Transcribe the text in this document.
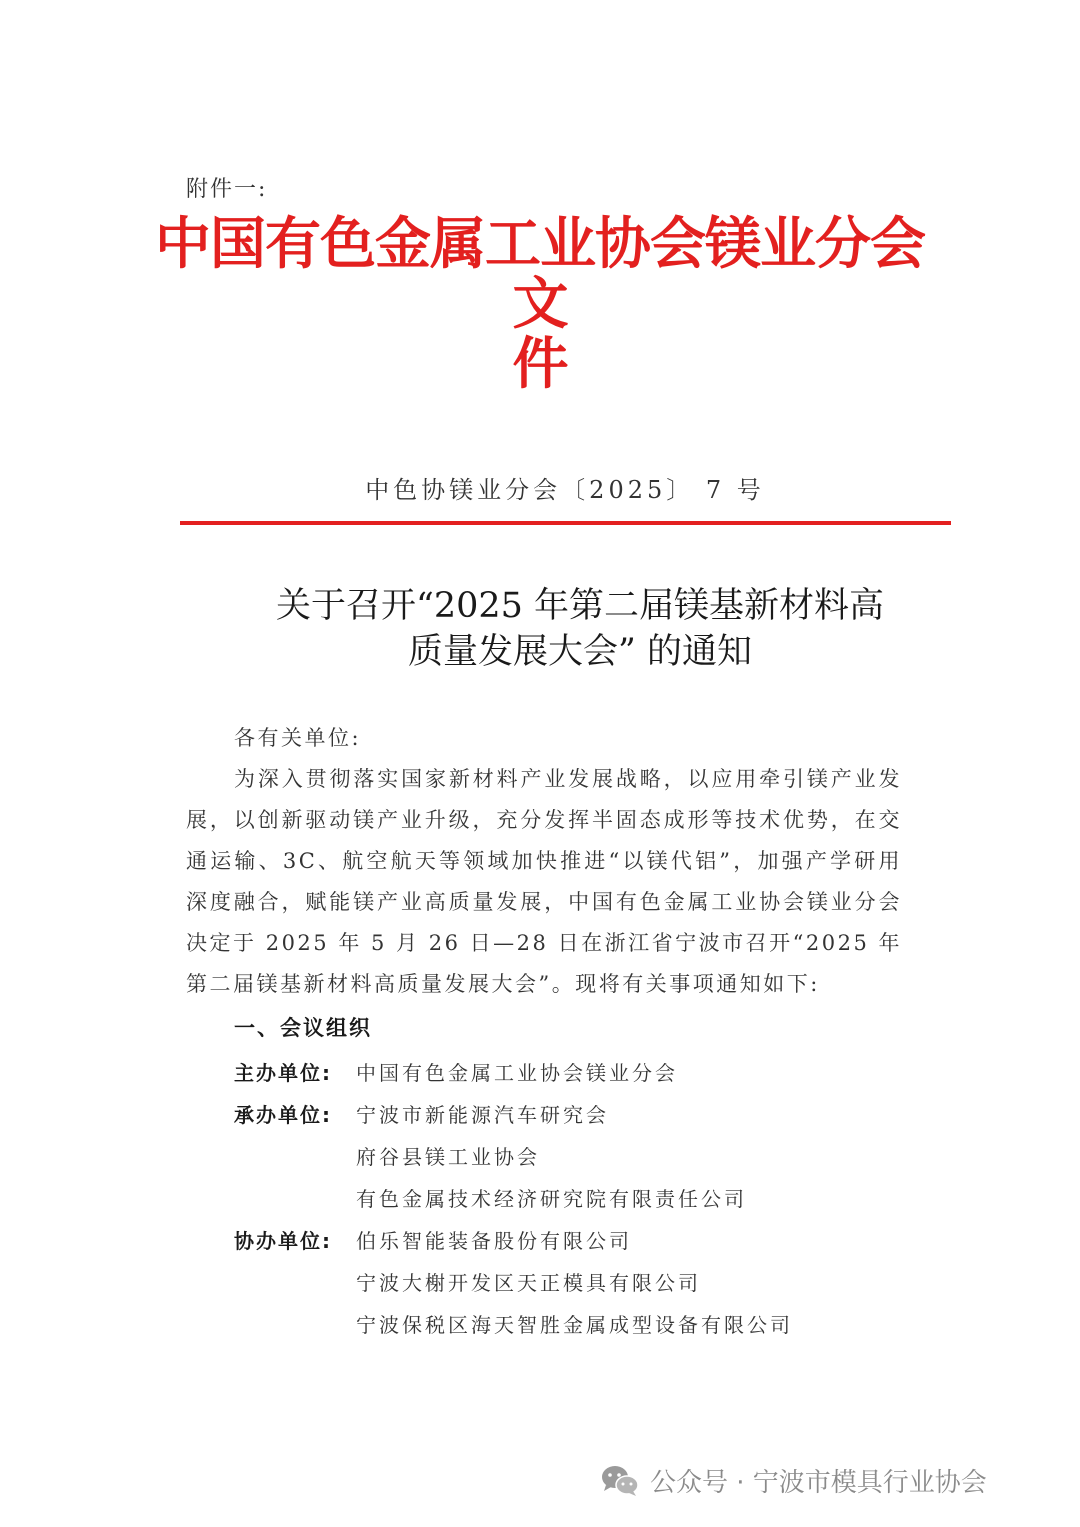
附件一:
中国有色金属工业协会镁业分会文
件
中色协镁业分会〔2025〕 7 号
关于召开“2025 年第二届镁基新材料高
质量发展大会” 的通知
各有关单位:

为深入贯彻落实国家新材料产业发展战略，以应用牵引镁产业发展，以创新驱动镁产业升级，充分发挥半固态成形等技术优势，在交通运输、3C、航空航天等领域加快推进“以镁代铝”，加强产学研用深度融合，赋能镁产业高质量发展，中国有色金属工业协会镁业分会决定于 2025 年 5 月 26 日—28 日在浙江省宁波市召开“2025 年第二届镁基新材料高质量发展大会”。现将有关事项通知如下:

一、会议组织
主办单位:	中国有色金属工业协会镁业分会
承办单位:	宁波市新能源汽车研究会
府谷县镁工业协会
有色金属技术经济研究院有限责任公司
协办单位:	伯乐智能装备股份有限公司
宁波大榭开发区天正模具有限公司
宁波保税区海天智胜金属成型设备有限公司
公众号 · 宁波市模具行业协会
